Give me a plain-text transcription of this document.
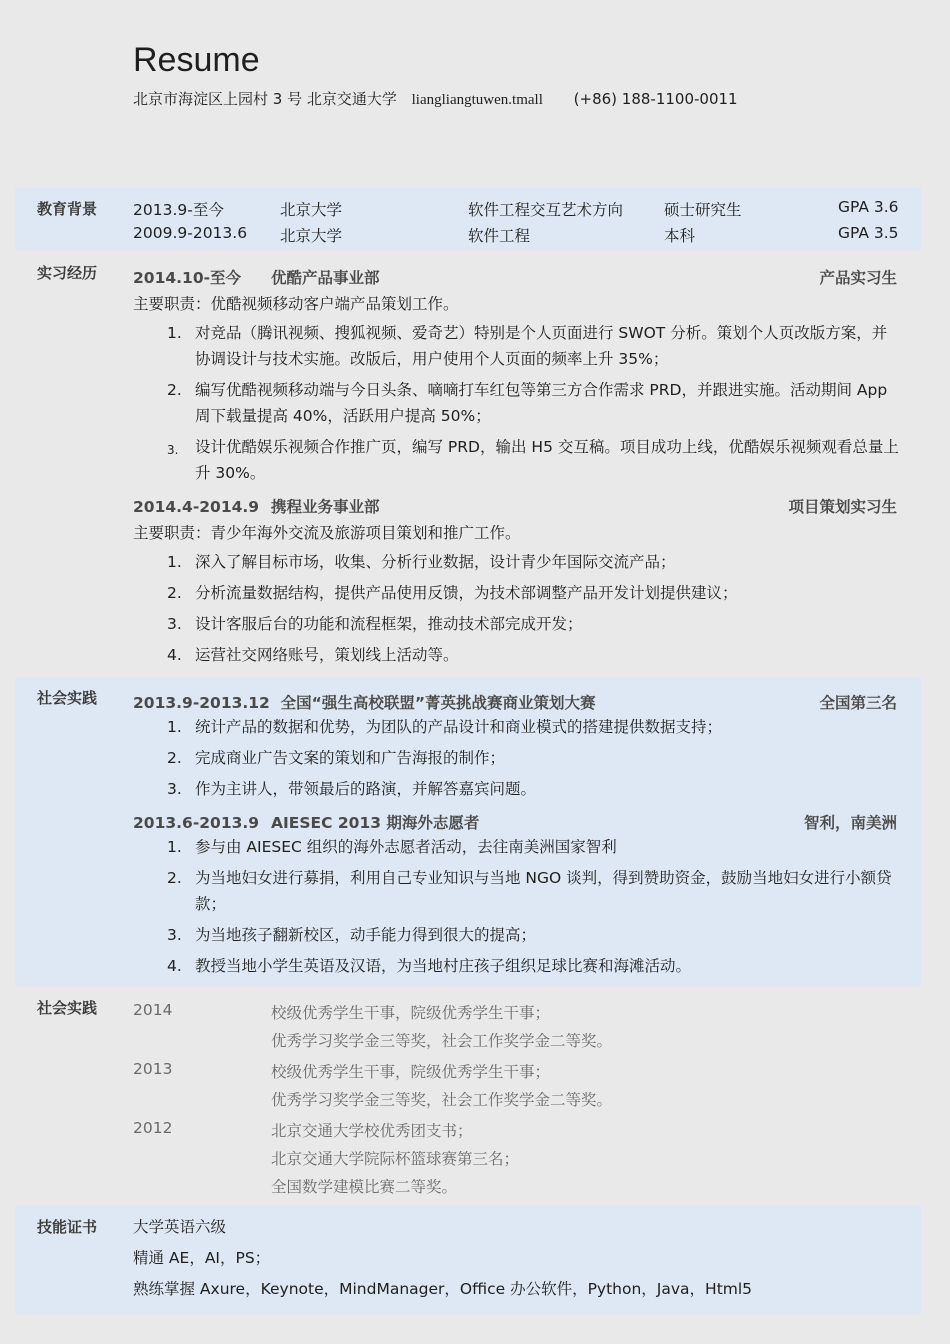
Resume
北京市海淀区上园村 3 号 北京交通大学 liangliangtuwen.tmall (+86) 188-1100-0011
教育背景 2013.9-至今	北京大学	软件工程交互艺术方向	硕士研究生	GPA 3.6
2009.9-2013.6 北京大学	软件工程	本科	GPA 3.5
实习经历 2014.10-至今 优酷产品事业部	产品实习生
主要职责：优酷视频移动客户端产品策划工作。
1. 对竞品（腾讯视频、搜狐视频、爱奇艺）特别是个人页面进行 SWOT 分析。策划个人页改版方案，并协调设计与技术实施。改版后，用户使用个人页面的频率上升 35%；
2. 编写优酷视频移动端与今日头条、嘀嘀打车红包等第三方合作需求 PRD，并跟进实施。活动期间 App 周下载量提高 40%，活跃用户提高 50%；
3. 设计优酷娱乐视频合作推广页，编写 PRD，输出 H5 交互稿。项目成功上线，优酷娱乐视频观看总量上升 30%。
2014.4-2014.9 携程业务事业部	项目策划实习生
主要职责：青少年海外交流及旅游项目策划和推广工作。
1. 深入了解目标市场，收集、分析行业数据，设计青少年国际交流产品；
2. 分析流量数据结构，提供产品使用反馈，为技术部调整产品开发计划提供建议；
3. 设计客服后台的功能和流程框架，推动技术部完成开发；
4. 运营社交网络账号，策划线上活动等。
社会实践 2013.9-2013.12 全国“强生高校联盟”菁英挑战赛商业策划大赛	全国第三名
1. 统计产品的数据和优势，为团队的产品设计和商业模式的搭建提供数据支持；
2. 完成商业广告文案的策划和广告海报的制作；
3. 作为主讲人，带领最后的路演，并解答嘉宾问题。
2013.6-2013.9 AIESEC 2013 期海外志愿者	智利，南美洲
1. 参与由 AIESEC 组织的海外志愿者活动，去往南美洲国家智利
2. 为当地妇女进行募捐，利用自己专业知识与当地 NGO 谈判，得到赞助资金，鼓励当地妇女进行小额贷款；
3. 为当地孩子翻新校区，动手能力得到很大的提高；
4. 教授当地小学生英语及汉语，为当地村庄孩子组织足球比赛和海滩活动。
社会实践 2014	校级优秀学生干事，院级优秀学生干事；
优秀学习奖学金三等奖，社会工作奖学金二等奖。
2013	校级优秀学生干事，院级优秀学生干事；
优秀学习奖学金三等奖，社会工作奖学金二等奖。
2012	北京交通大学校优秀团支书；
北京交通大学院际杯篮球赛第三名；
全国数学建模比赛二等奖。
技能证书 大学英语六级
精通 AE，AI，PS；
熟练掌握 Axure，Keynote，MindManager，Office 办公软件，Python，Java，Html5
